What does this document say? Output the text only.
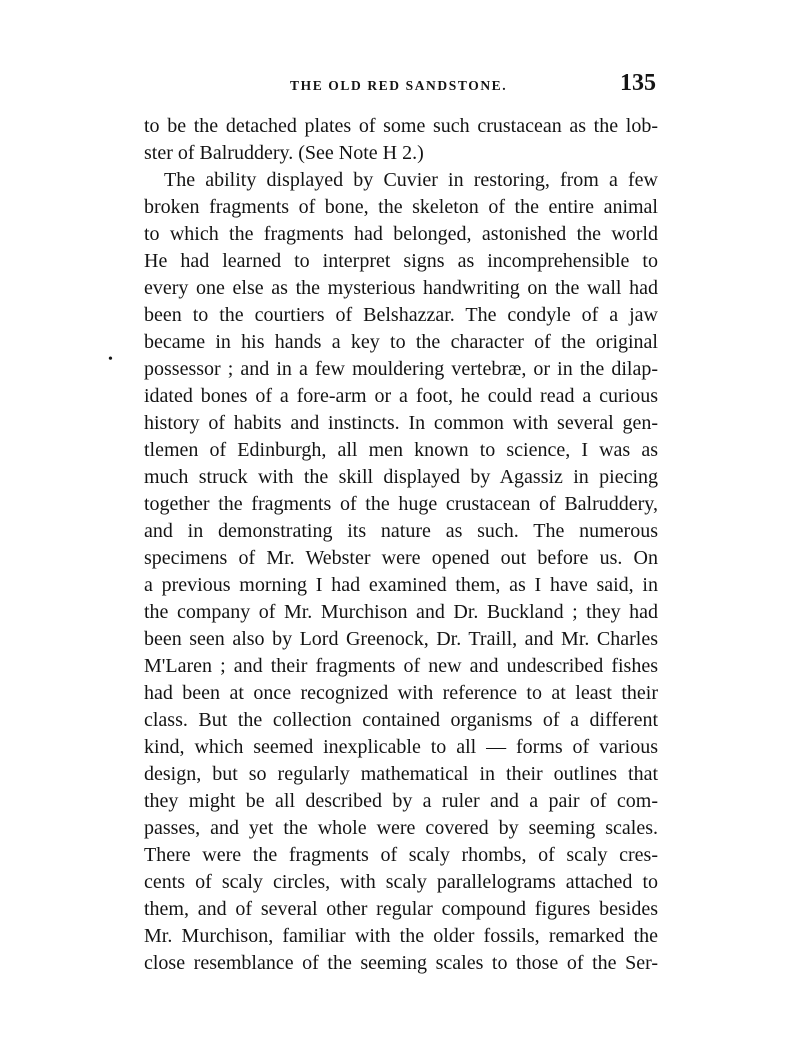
THE OLD RED SANDSTONE.	135
•
to be the detached plates of some such crustacean as the lob-
ster of Balruddery. (See Note H 2.)
The ability displayed by Cuvier in restoring, from a few
broken fragments of bone, the skeleton of the entire animal
to which the fragments had belonged, astonished the world
He had learned to interpret signs as incomprehensible to
every one else as the mysterious handwriting on the wall had
been to the courtiers of Belshazzar. The condyle of a jaw
became in his hands a key to the character of the original
possessor ; and in a few mouldering vertebræ, or in the dilap-
idated bones of a fore-arm or a foot, he could read a curious
history of habits and instincts. In common with several gen-
tlemen of Edinburgh, all men known to science, I was as
much struck with the skill displayed by Agassiz in piecing
together the fragments of the huge crustacean of Balruddery,
and in demonstrating its nature as such. The numerous
specimens of Mr. Webster were opened out before us. On
a previous morning I had examined them, as I have said, in
the company of Mr. Murchison and Dr. Buckland ; they had
been seen also by Lord Greenock, Dr. Traill, and Mr. Charles
M'Laren ; and their fragments of new and undescribed fishes
had been at once recognized with reference to at least their
class. But the collection contained organisms of a different
kind, which seemed inexplicable to all — forms of various
design, but so regularly mathematical in their outlines that
they might be all described by a ruler and a pair of com-
passes, and yet the whole were covered by seeming scales.
There were the fragments of scaly rhombs, of scaly cres-
cents of scaly circles, with scaly parallelograms attached to
them, and of several other regular compound figures besides
Mr. Murchison, familiar with the older fossils, remarked the
close resemblance of the seeming scales to those of the Ser-
